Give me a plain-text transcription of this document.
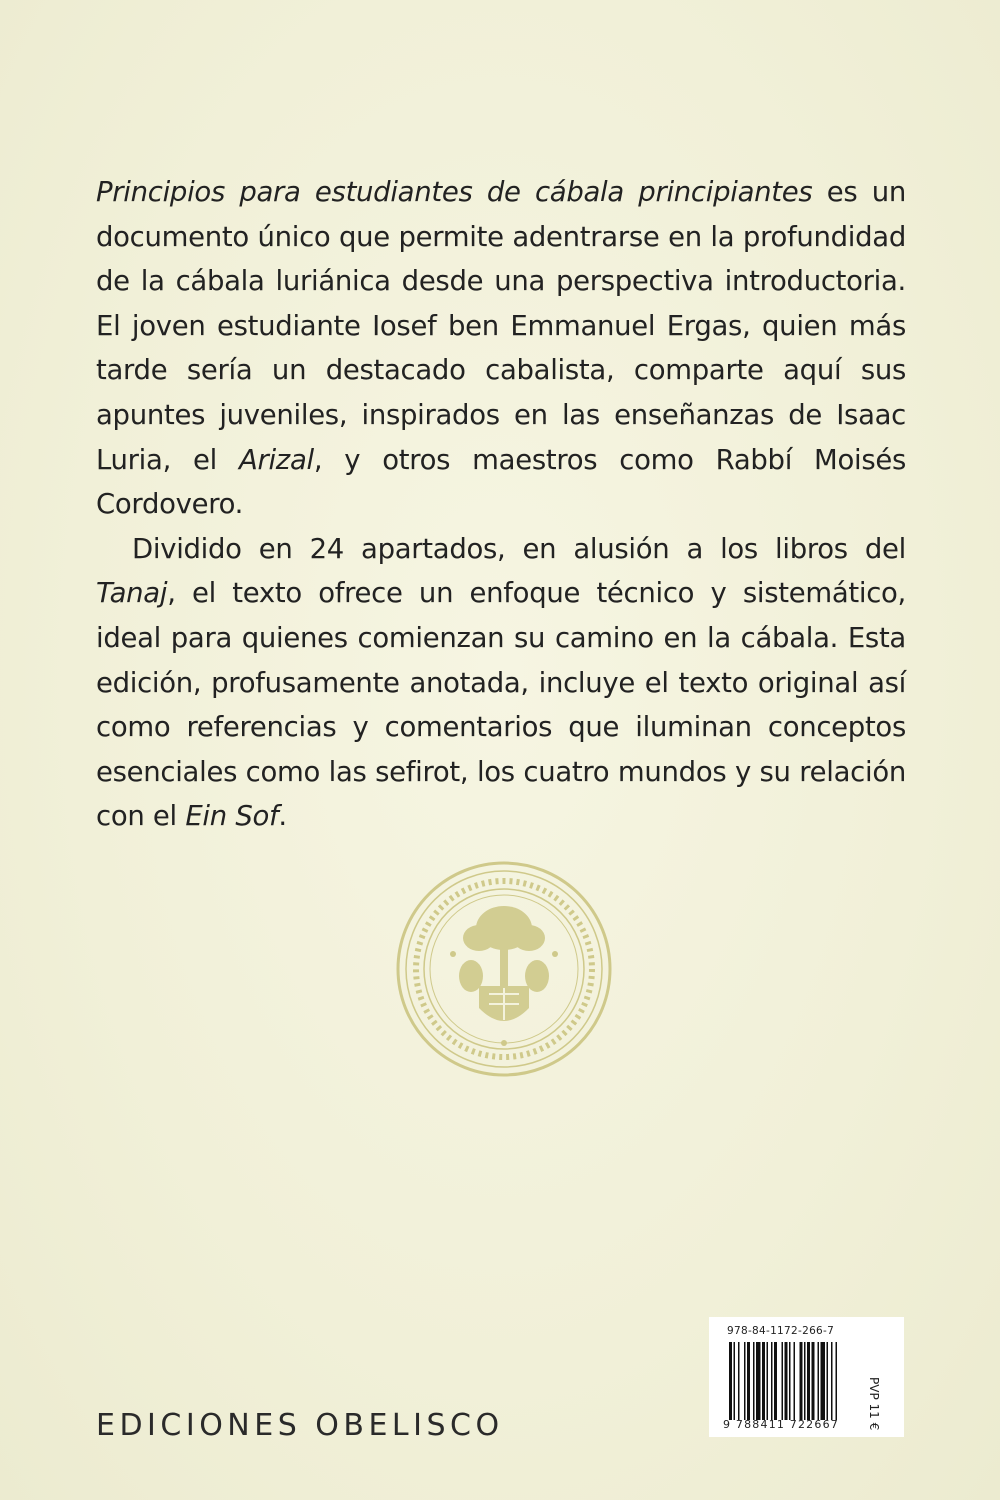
Principios para estudiantes de cábala principiantes es un documento único que permite adentrarse en la profundidad de la cábala luriánica desde una perspectiva introductoria. El joven estudiante Iosef ben Emmanuel Ergas, quien más tarde sería un destacado cabalista, comparte aquí sus apuntes juveniles, inspirados en las enseñanzas de Isaac Luria, el Arizal, y otros maestros como Rabbí Moisés Cordovero.

Dividido en 24 apartados, en alusión a los libros del Tanaj, el texto ofrece un enfoque técnico y sistemático, ideal para quienes comienzan su camino en la cábala. Esta edición, profusamente anotada, incluye el texto original así como referencias y comentarios que iluminan conceptos esenciales como las sefirot, los cuatro mundos y su relación con el Ein Sof.

EDICIONES OBELISCO
978-84-1172-266-7
9 788411 722667 PVP 11 €
